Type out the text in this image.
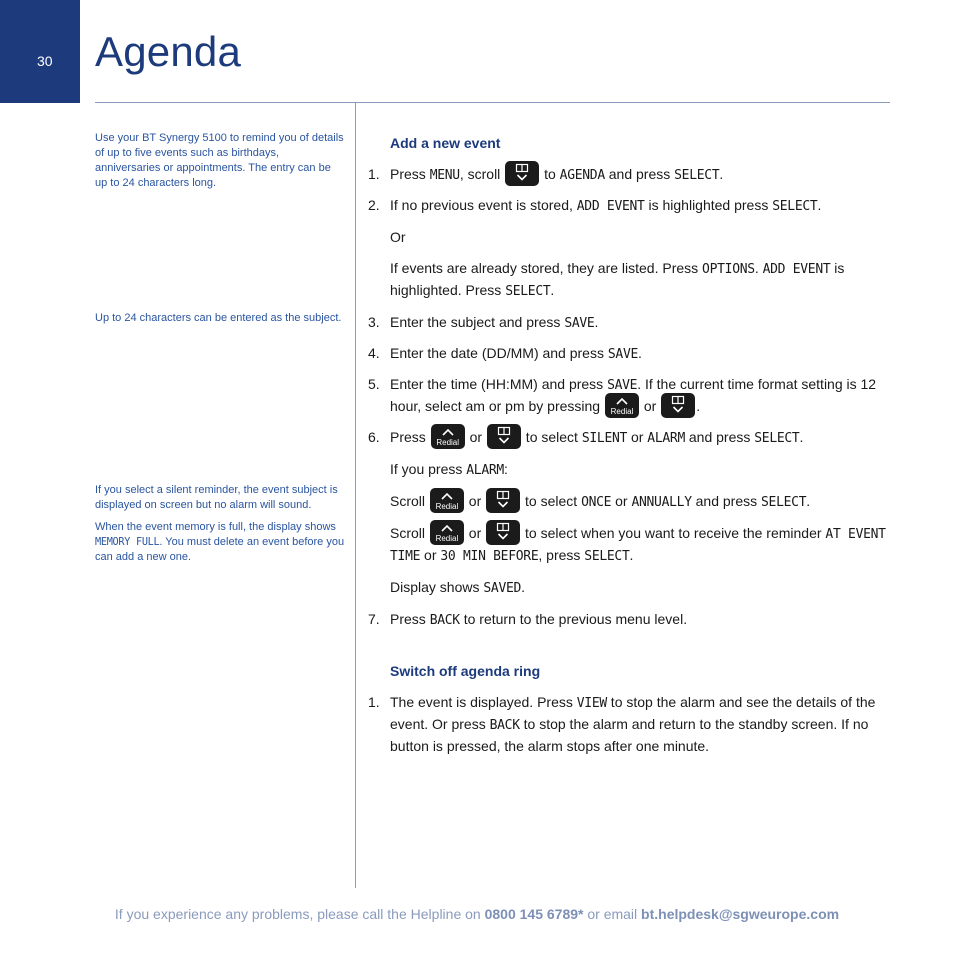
30 Agenda

Use your BT Synergy 5100 to remind you of details of up to five events such as birthdays, anniversaries or appointments. The entry can be up to 24 characters long.

Up to 24 characters can be entered as the subject.

If you select a silent reminder, the event subject is displayed on screen but no alarm will sound.

When the event memory is full, the display shows MEMORY FULL. You must delete an event before you can add a new one.

Add a new event

1. Press MENU, scroll	to AGENDA and press SELECT.
2. If no previous event is stored, ADD EVENT is highlighted press SELECT.
Or
If events are already stored, they are listed. Press OPTIONS. ADD EVENT is highlighted. Press SELECT.
3. Enter the subject and press SAVE.
4. Enter the date (DD/MM) and press SAVE.
5. Enter the time (HH:MM) and press SAVE. If the current time format setting is 12 hour, select am or pm by pressing Redial or	.
6. Press Redial or	to select SILENT or ALARM and press SELECT.
If you press ALARM:
Scroll Redial or	to select ONCE or ANNUALLY and press SELECT.
Scroll Redial or	to select when you want to receive the reminder AT EVENT TIME or 30 MIN BEFORE, press SELECT.
Display shows SAVED.
7. Press BACK to return to the previous menu level.

Switch off agenda ring

1. The event is displayed. Press VIEW to stop the alarm and see the details of the event. Or press BACK to stop the alarm and return to the standby screen. If no button is pressed, the alarm stops after one minute.
If you experience any problems, please call the Helpline on 0800 145 6789* or email bt.helpdesk@sgweurope.com
